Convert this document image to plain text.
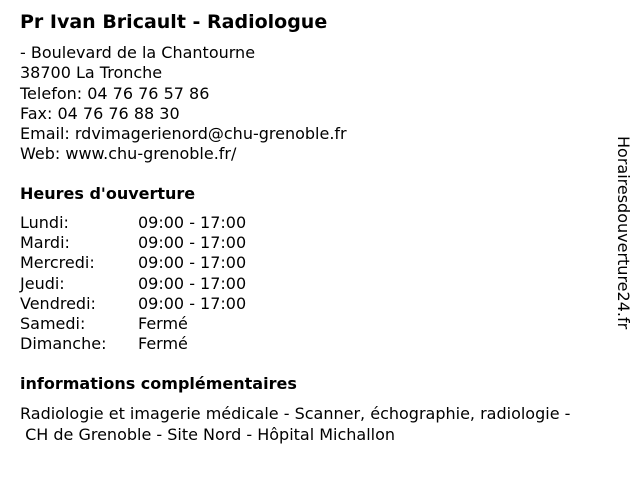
Pr Ivan Bricault - Radiologue
- Boulevard de la Chantourne
38700 La Tronche
Telefon: 04 76 76 57 86
Fax: 04 76 76 88 30
Email: rdvimagerienord@chu-grenoble.fr
Web: www.chu-grenoble.fr/
Heures d'ouverture
Lundi:	09:00 - 17:00
Mardi:	09:00 - 17:00
Mercredi:	09:00 - 17:00
Jeudi:	09:00 - 17:00
Vendredi:	09:00 - 17:00
Samedi:	Fermé
Dimanche:	Fermé
informations complémentaires
Radiologie et imagerie médicale - Scanner, échographie, radiologie -
CH de Grenoble - Site Nord - Hôpital Michallon
Horairesdouverture24.fr
